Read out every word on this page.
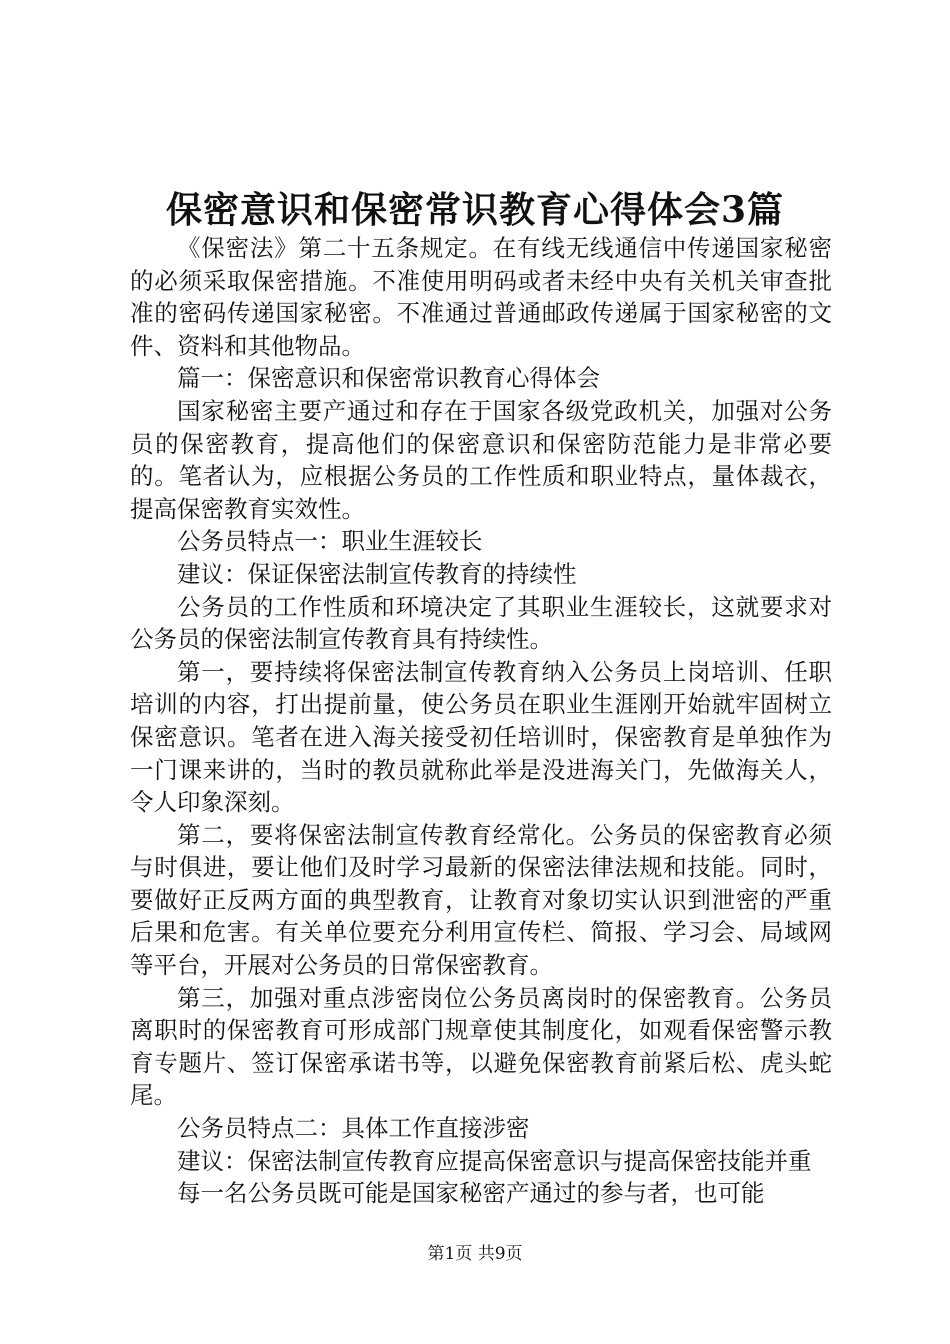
保密意识和保密常识教育心得体会3篇

《保密法》第二十五条规定。在有线无线通信中传递国家秘密的必须采取保密措施。不准使用明码或者未经中央有关机关审查批准的密码传递国家秘密。不准通过普通邮政传递属于国家秘密的文件、资料和其他物品。

篇一：保密意识和保密常识教育心得体会

国家秘密主要产通过和存在于国家各级党政机关，加强对公务员的保密教育，提高他们的保密意识和保密防范能力是非常必要的。笔者认为，应根据公务员的工作性质和职业特点，量体裁衣，提高保密教育实效性。

公务员特点一：职业生涯较长

建议：保证保密法制宣传教育的持续性

公务员的工作性质和环境决定了其职业生涯较长，这就要求对公务员的保密法制宣传教育具有持续性。

第一，要持续将保密法制宣传教育纳入公务员上岗培训、任职培训的内容，打出提前量，使公务员在职业生涯刚开始就牢固树立保密意识。笔者在进入海关接受初任培训时，保密教育是单独作为一门课来讲的，当时的教员就称此举是没进海关门，先做海关人，令人印象深刻。

第二，要将保密法制宣传教育经常化。公务员的保密教育必须与时俱进，要让他们及时学习最新的保密法律法规和技能。同时，要做好正反两方面的典型教育，让教育对象切实认识到泄密的严重后果和危害。有关单位要充分利用宣传栏、简报、学习会、局域网等平台，开展对公务员的日常保密教育。

第三，加强对重点涉密岗位公务员离岗时的保密教育。公务员离职时的保密教育可形成部门规章使其制度化，如观看保密警示教育专题片、签订保密承诺书等，以避免保密教育前紧后松、虎头蛇尾。

公务员特点二：具体工作直接涉密

建议：保密法制宣传教育应提高保密意识与提高保密技能并重

每一名公务员既可能是国家秘密产通过的参与者，也可能

第1页 共9页
